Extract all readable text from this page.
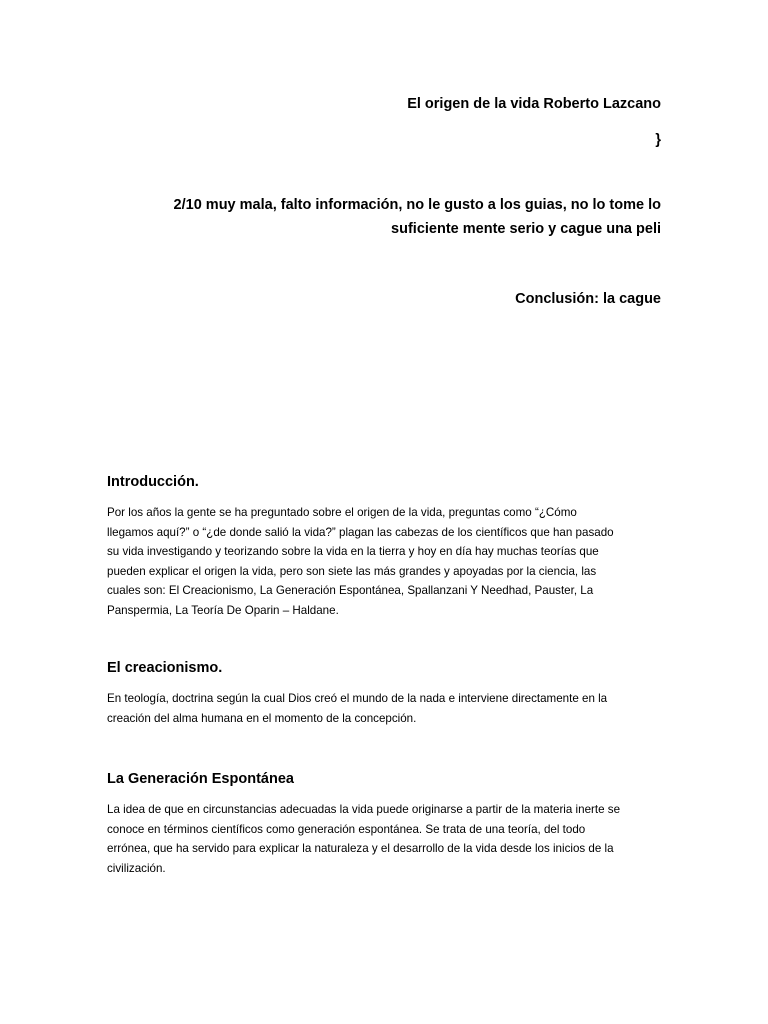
El origen de la vida Roberto Lazcano
}
2/10 muy mala, falto información, no le gusto a los guias, no lo tome lo
suficiente mente serio y cague una peli
Conclusión: la cague
Introducción.
Por los años la gente se ha preguntado sobre el origen de la vida, preguntas como “¿Cómo
llegamos aquí?” o “¿de donde salió la vida?” plagan las cabezas de los científicos que han pasado
su vida investigando y teorizando sobre la vida en la tierra y hoy en día hay muchas teorías que
pueden explicar el origen la vida, pero son siete las más grandes y apoyadas por la ciencia, las
cuales son: El Creacionismo, La Generación Espontánea, Spallanzani Y Needhad, Pauster, La
Panspermia, La Teoría De Oparin – Haldane.
El creacionismo.
En teología, doctrina según la cual Dios creó el mundo de la nada e interviene directamente en la
creación del alma humana en el momento de la concepción.
La Generación Espontánea
La idea de que en circunstancias adecuadas la vida puede originarse a partir de la materia inerte se
conoce en términos científicos como generación espontánea. Se trata de una teoría, del todo
errónea, que ha servido para explicar la naturaleza y el desarrollo de la vida desde los inicios de la
civilización.
